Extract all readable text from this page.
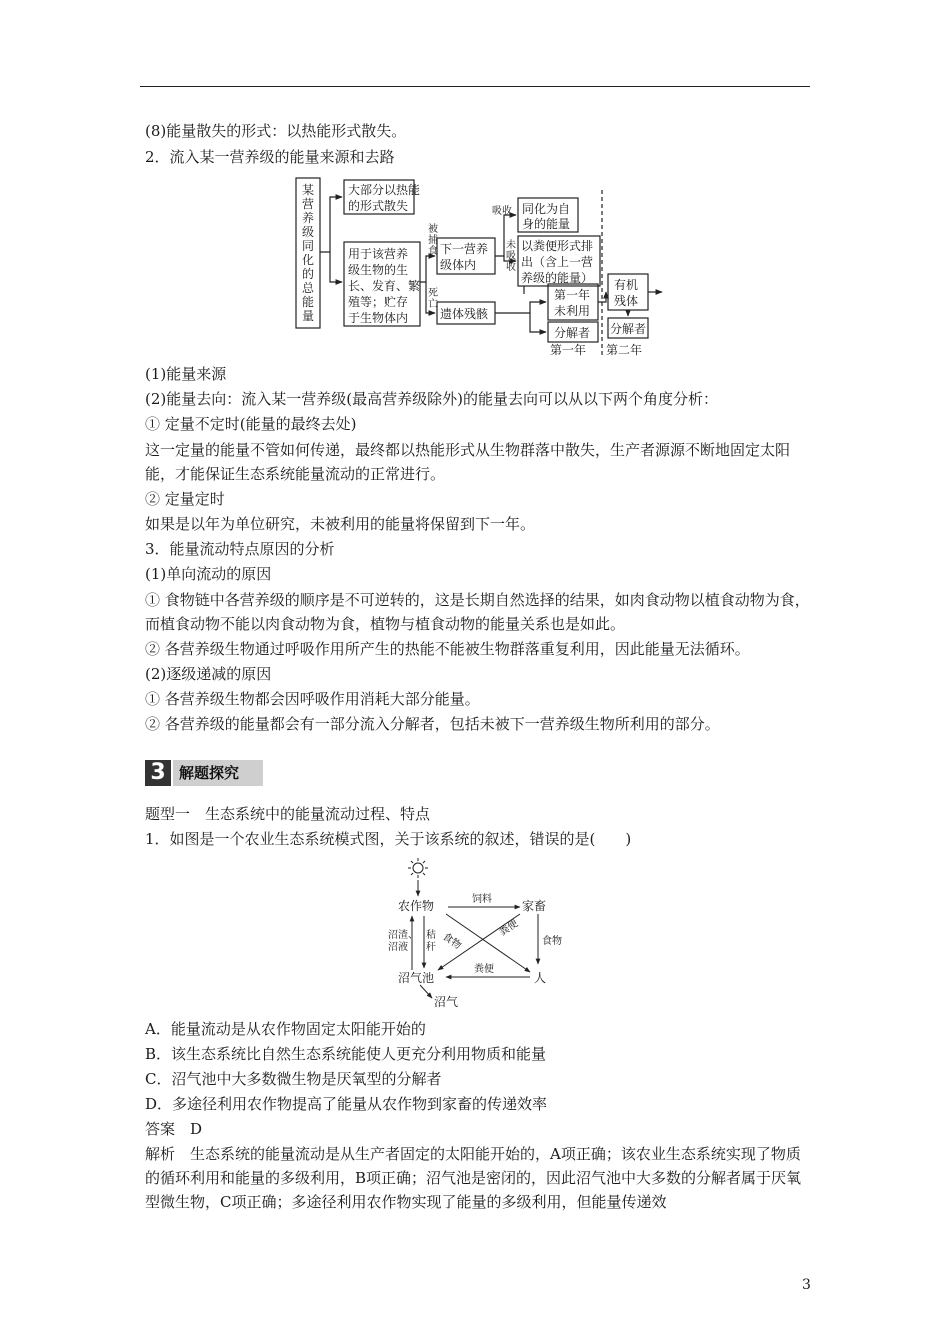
(8)能量散失的形式：以热能形式散失。
2．流入某一营养级的能量来源和去路
某营养级同化的总能量
大部分以热能
的形式散失
用于该营养
级生物的生
长、发育、繁
殖等；贮存
于生物体内
下一营养
级体内
同化为自
身的能量
以粪便形式排
出（含上一营
养级的能量）
遗体残骸
第一年
未利用
分解者
第一年
有机
残体
分解者
第二年
被
捕
食
吸收
未
吸
收
死
亡
(1)能量来源
(2)能量去向：流入某一营养级(最高营养级除外)的能量去向可以从以下两个角度分析：
① 定量不定时(能量的最终去处)
这一定量的能量不管如何传递，最终都以热能形式从生物群落中散失，生产者源源不断地固定太阳能，才能保证生态系统能量流动的正常进行。
② 定量定时
如果是以年为单位研究，未被利用的能量将保留到下一年。
3．能量流动特点原因的分析
(1)单向流动的原因
① 食物链中各营养级的顺序是不可逆转的，这是长期自然选择的结果，如肉食动物以植食动物为食，而植食动物不能以肉食动物为食，植物与植食动物的能量关系也是如此。
② 各营养级生物通过呼吸作用所产生的热能不能被生物群落重复利用，因此能量无法循环。
(2)逐级递减的原因
① 各营养级生物都会因呼吸作用消耗大部分能量。
② 各营养级的能量都会有一部分流入分解者，包括未被下一营养级生物所利用的部分。
3 解题探究
题型一　生态系统中的能量流动过程、特点
1．如图是一个农业生态系统模式图，关于该系统的叙述，错误的是(　　)
农作物	家畜
沼气池	人
沼气
饲料
食物
粪便
食物
粪便
沼渣、
沼液
秸
秆
A．能量流动是从农作物固定太阳能开始的
B．该生态系统比自然生态系统能使人更充分利用物质和能量
C．沼气池中大多数微生物是厌氧型的分解者
D．多途径利用农作物提高了能量从农作物到家畜的传递效率
答案　D
解析　生态系统的能量流动是从生产者固定的太阳能开始的，A项正确；该农业生态系统实现了物质的循环利用和能量的多级利用，B项正确；沼气池是密闭的，因此沼气池中大多数的分解者属于厌氧型微生物，C项正确；多途径利用农作物实现了能量的多级利用，但能量传递效
3
